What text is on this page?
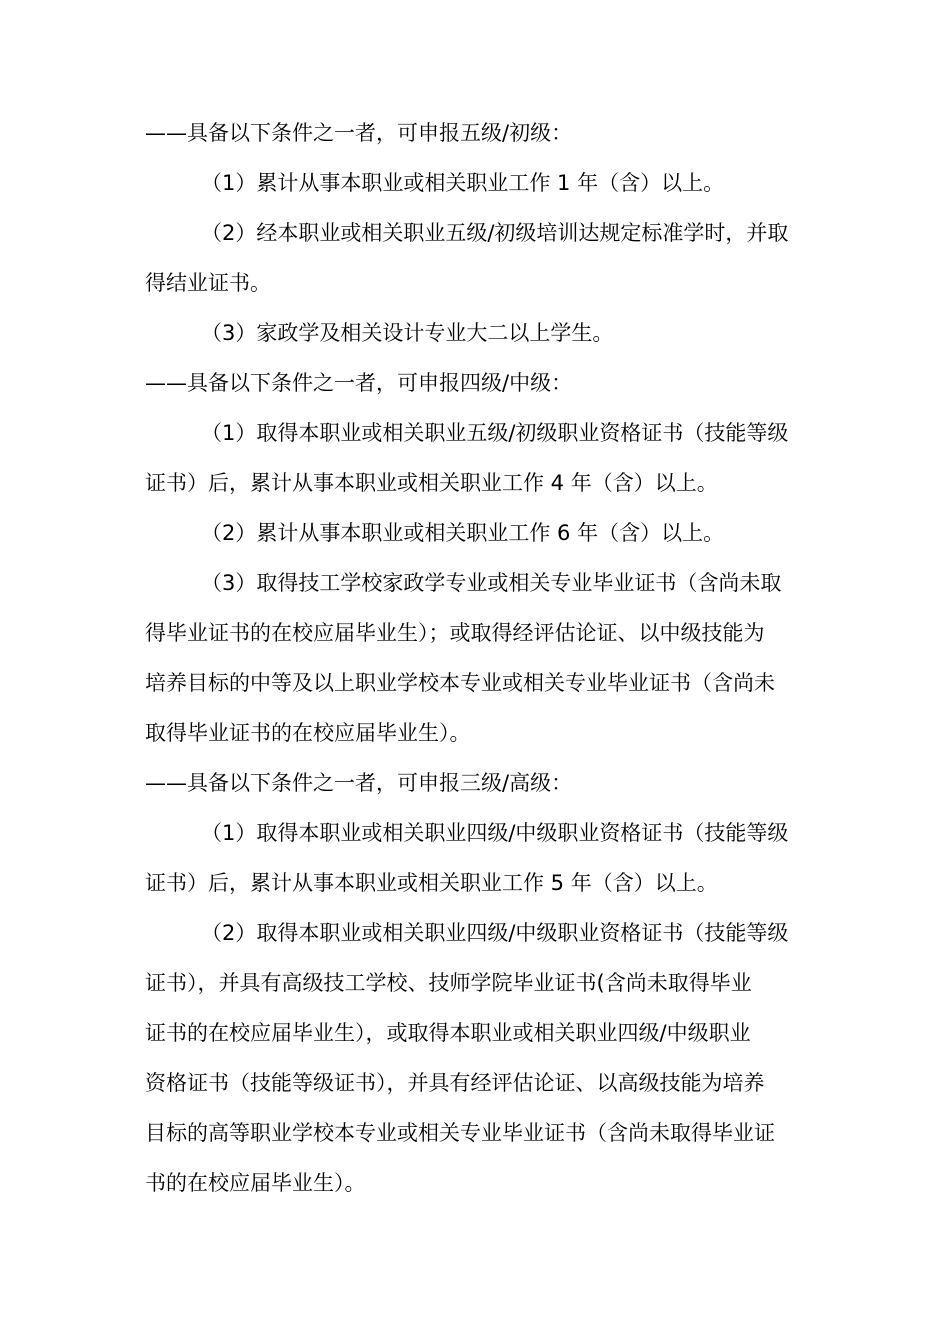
——具备以下条件之一者，可申报五级/初级：
（1）累计从事本职业或相关职业工作 1 年（含）以上。
（2）经本职业或相关职业五级/初级培训达规定标准学时，并取
得结业证书。
（3）家政学及相关设计专业大二以上学生。
——具备以下条件之一者，可申报四级/中级：
（1）取得本职业或相关职业五级/初级职业资格证书（技能等级
证书）后，累计从事本职业或相关职业工作 4 年（含）以上。
（2）累计从事本职业或相关职业工作 6 年（含）以上。
（3）取得技工学校家政学专业或相关专业毕业证书（含尚未取
得毕业证书的在校应届毕业生）；或取得经评估论证、以中级技能为
培养目标的中等及以上职业学校本专业或相关专业毕业证书（含尚未
取得毕业证书的在校应届毕业生）。
——具备以下条件之一者，可申报三级/高级：
（1）取得本职业或相关职业四级/中级职业资格证书（技能等级
证书）后，累计从事本职业或相关职业工作 5 年（含）以上。
（2）取得本职业或相关职业四级/中级职业资格证书（技能等级
证书），并具有高级技工学校、技师学院毕业证书(含尚未取得毕业
证书的在校应届毕业生），或取得本职业或相关职业四级/中级职业
资格证书（技能等级证书），并具有经评估论证、以高级技能为培养
目标的高等职业学校本专业或相关专业毕业证书（含尚未取得毕业证
书的在校应届毕业生）。
